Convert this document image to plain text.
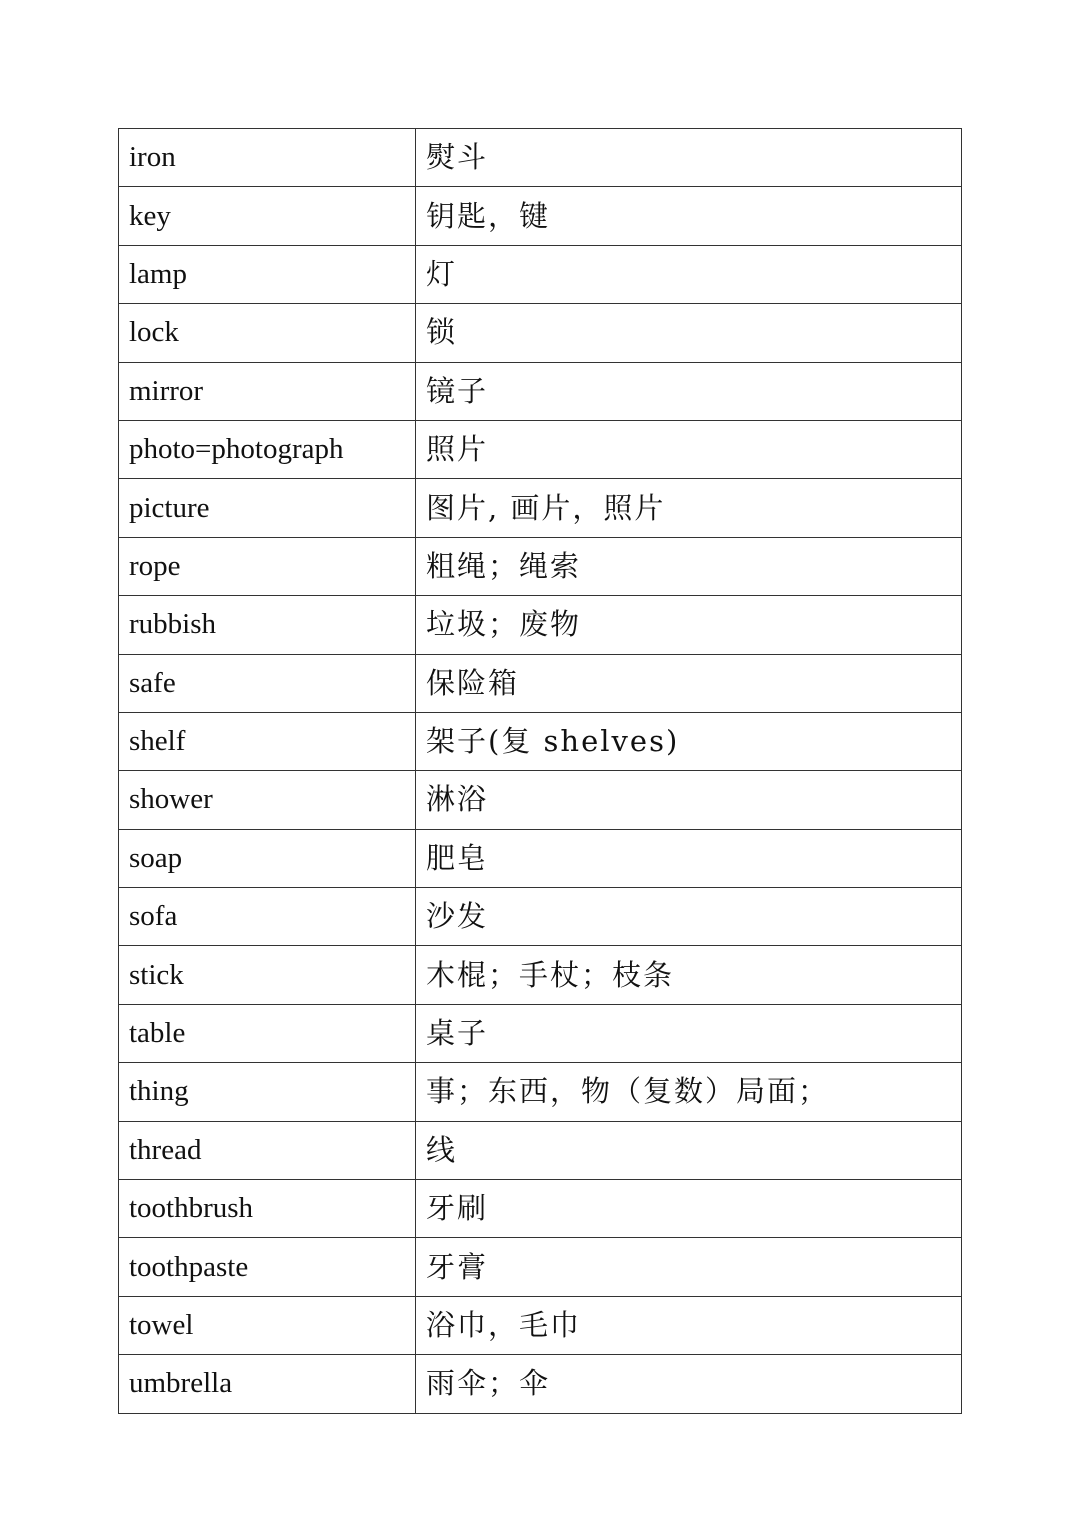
iron	熨斗
key	钥匙，键
lamp	灯
lock	锁
mirror	镜子
photo=photograph	照片
picture	图片, 画片，照片
rope	粗绳；绳索
rubbish	垃圾；废物
safe	保险箱
shelf	架子(复 shelves)
shower	淋浴
soap	肥皂
sofa	沙发
stick	木棍；手杖；枝条
table	桌子
thing	事；东西，物（复数）局面；
thread	线
toothbrush	牙刷
toothpaste	牙膏
towel	浴巾，毛巾
umbrella	雨伞；伞
